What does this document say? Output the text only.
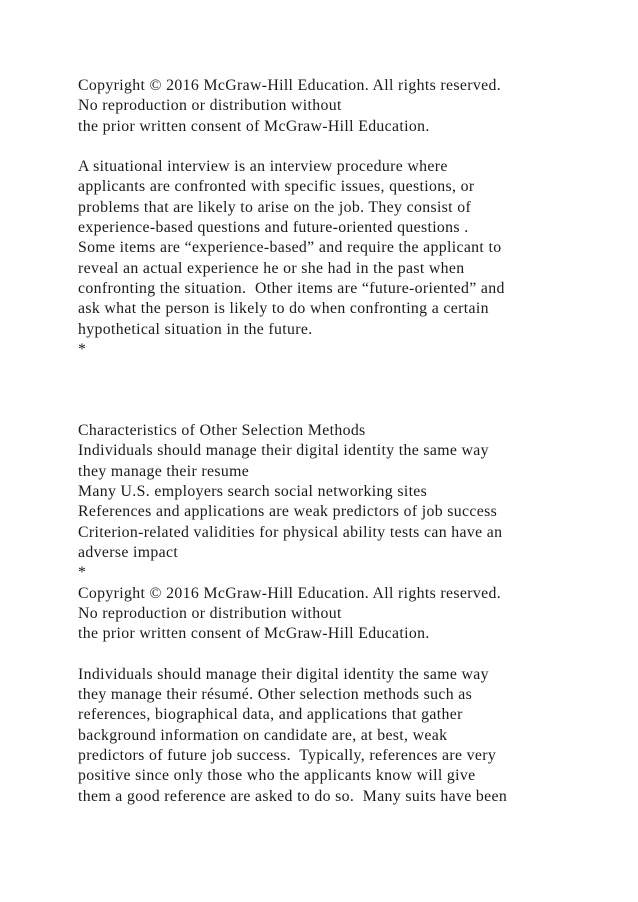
Copyright © 2016 McGraw-Hill Education. All rights reserved.
No reproduction or distribution without
the prior written consent of McGraw-Hill Education.
A situational interview is an interview procedure where
applicants are confronted with specific issues, questions, or
problems that are likely to arise on the job. They consist of
experience-based questions and future-oriented questions .
Some items are “experience-based” and require the applicant to
reveal an actual experience he or she had in the past when
confronting the situation.  Other items are “future-oriented” and
ask what the person is likely to do when confronting a certain
hypothetical situation in the future.
*
Characteristics of Other Selection Methods
Individuals should manage their digital identity the same way
they manage their resume
Many U.S. employers search social networking sites
References and applications are weak predictors of job success
Criterion-related validities for physical ability tests can have an
adverse impact
*
Copyright © 2016 McGraw-Hill Education. All rights reserved.
No reproduction or distribution without
the prior written consent of McGraw-Hill Education.
Individuals should manage their digital identity the same way
they manage their résumé. Other selection methods such as
references, biographical data, and applications that gather
background information on candidate are, at best, weak
predictors of future job success.  Typically, references are very
positive since only those who the applicants know will give
them a good reference are asked to do so.  Many suits have been
